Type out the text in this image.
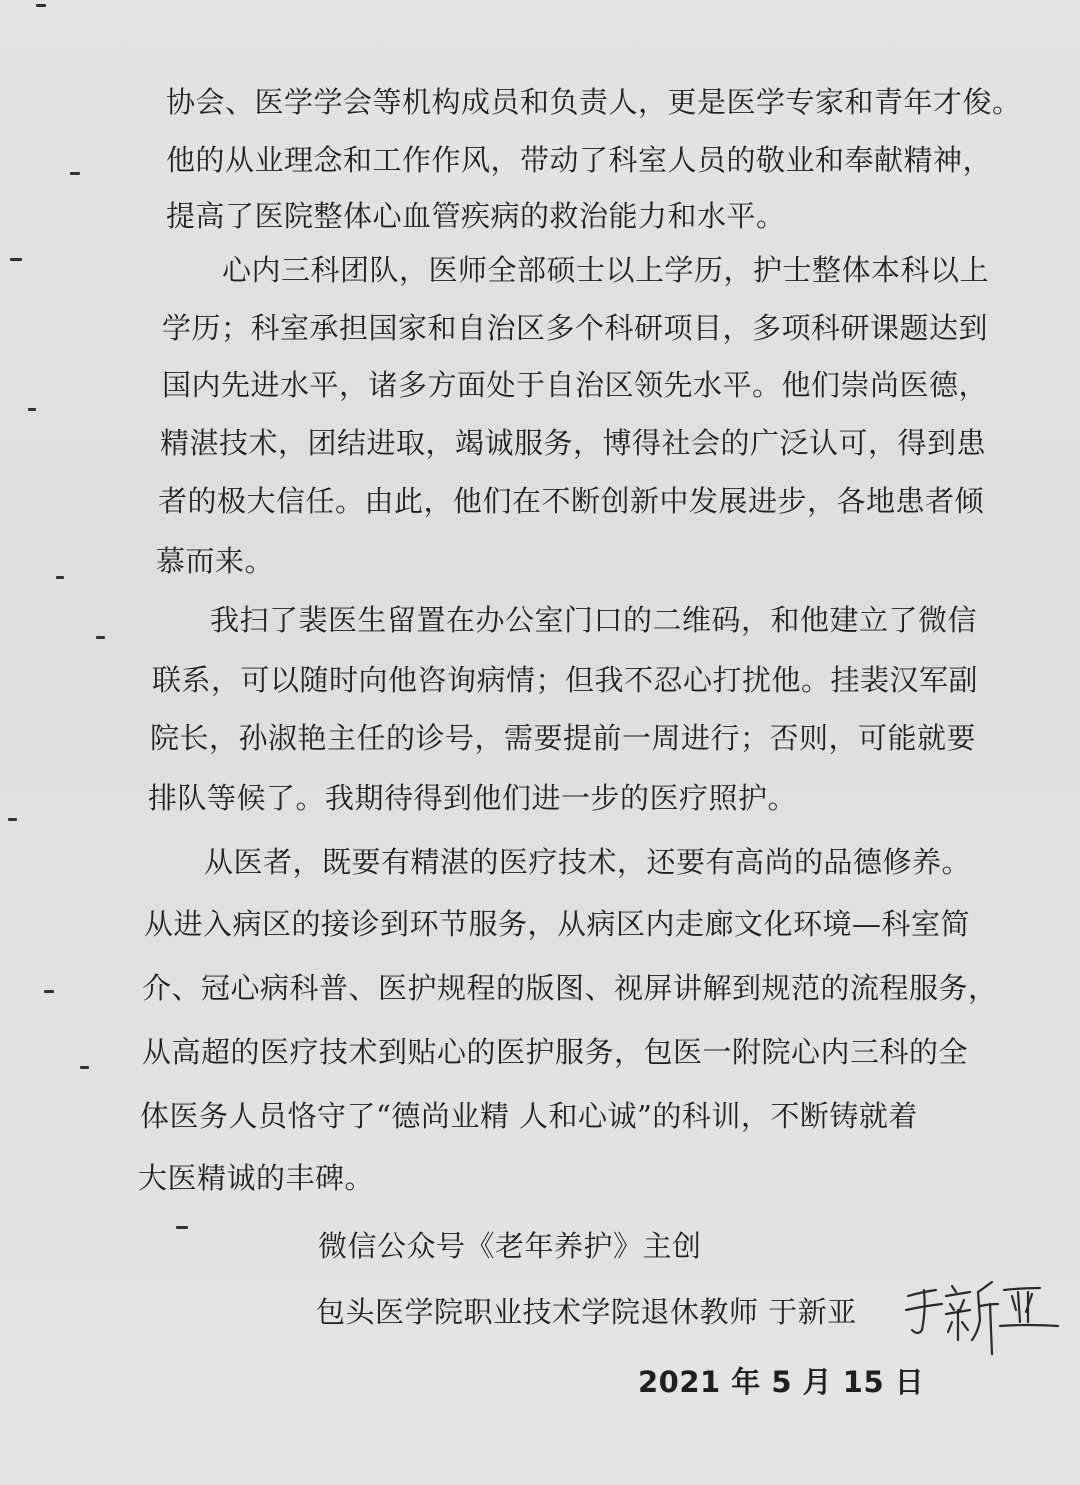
协会、医学学会等机构成员和负责人，更是医学专家和青年才俊。
他的从业理念和工作作风，带动了科室人员的敬业和奉献精神，
提高了医院整体心血管疾病的救治能力和水平。
心内三科团队，医师全部硕士以上学历，护士整体本科以上
学历；科室承担国家和自治区多个科研项目，多项科研课题达到
国内先进水平，诸多方面处于自治区领先水平。他们崇尚医德，
精湛技术，团结进取，竭诚服务，博得社会的广泛认可，得到患
者的极大信任。由此，他们在不断创新中发展进步，各地患者倾
慕而来。
我扫了裴医生留置在办公室门口的二维码，和他建立了微信
联系，可以随时向他咨询病情；但我不忍心打扰他。挂裴汉军副
院长，孙淑艳主任的诊号，需要提前一周进行；否则，可能就要
排队等候了。我期待得到他们进一步的医疗照护。
从医者，既要有精湛的医疗技术，还要有高尚的品德修养。
从进入病区的接诊到环节服务，从病区内走廊文化环境—科室简
介、冠心病科普、医护规程的版图、视屏讲解到规范的流程服务，
从高超的医疗技术到贴心的医护服务，包医一附院心内三科的全
体医务人员恪守了“德尚业精 人和心诚”的科训，不断铸就着
大医精诚的丰碑。
微信公众号《老年养护》主创
包头医学院职业技术学院退休教师 于新亚
2021 年 5 月 15 日
